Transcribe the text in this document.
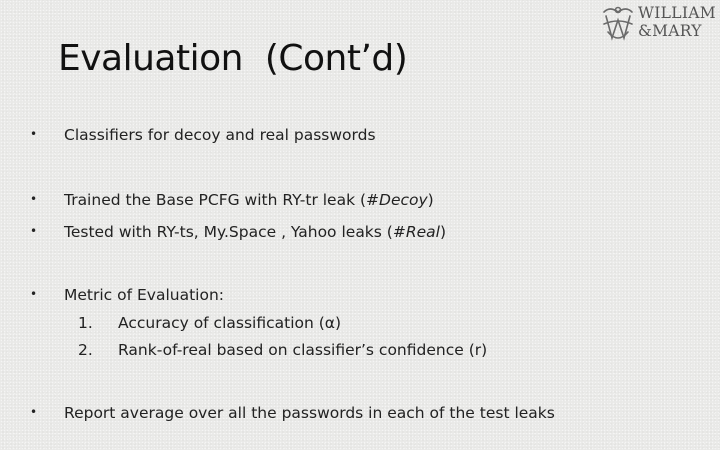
WILLIAM
&MARY
Evaluation  (Cont’d)
• Classifiers for decoy and real passwords
• Trained the Base PCFG with RY-tr leak (#Decoy)
• Tested with RY-ts, My.Space , Yahoo leaks (#Real)
• Metric of Evaluation:
1. Accuracy of classification (α)
2. Rank-of-real based on classifier’s confidence (r)
• Report average over all the passwords in each of the test leaks
